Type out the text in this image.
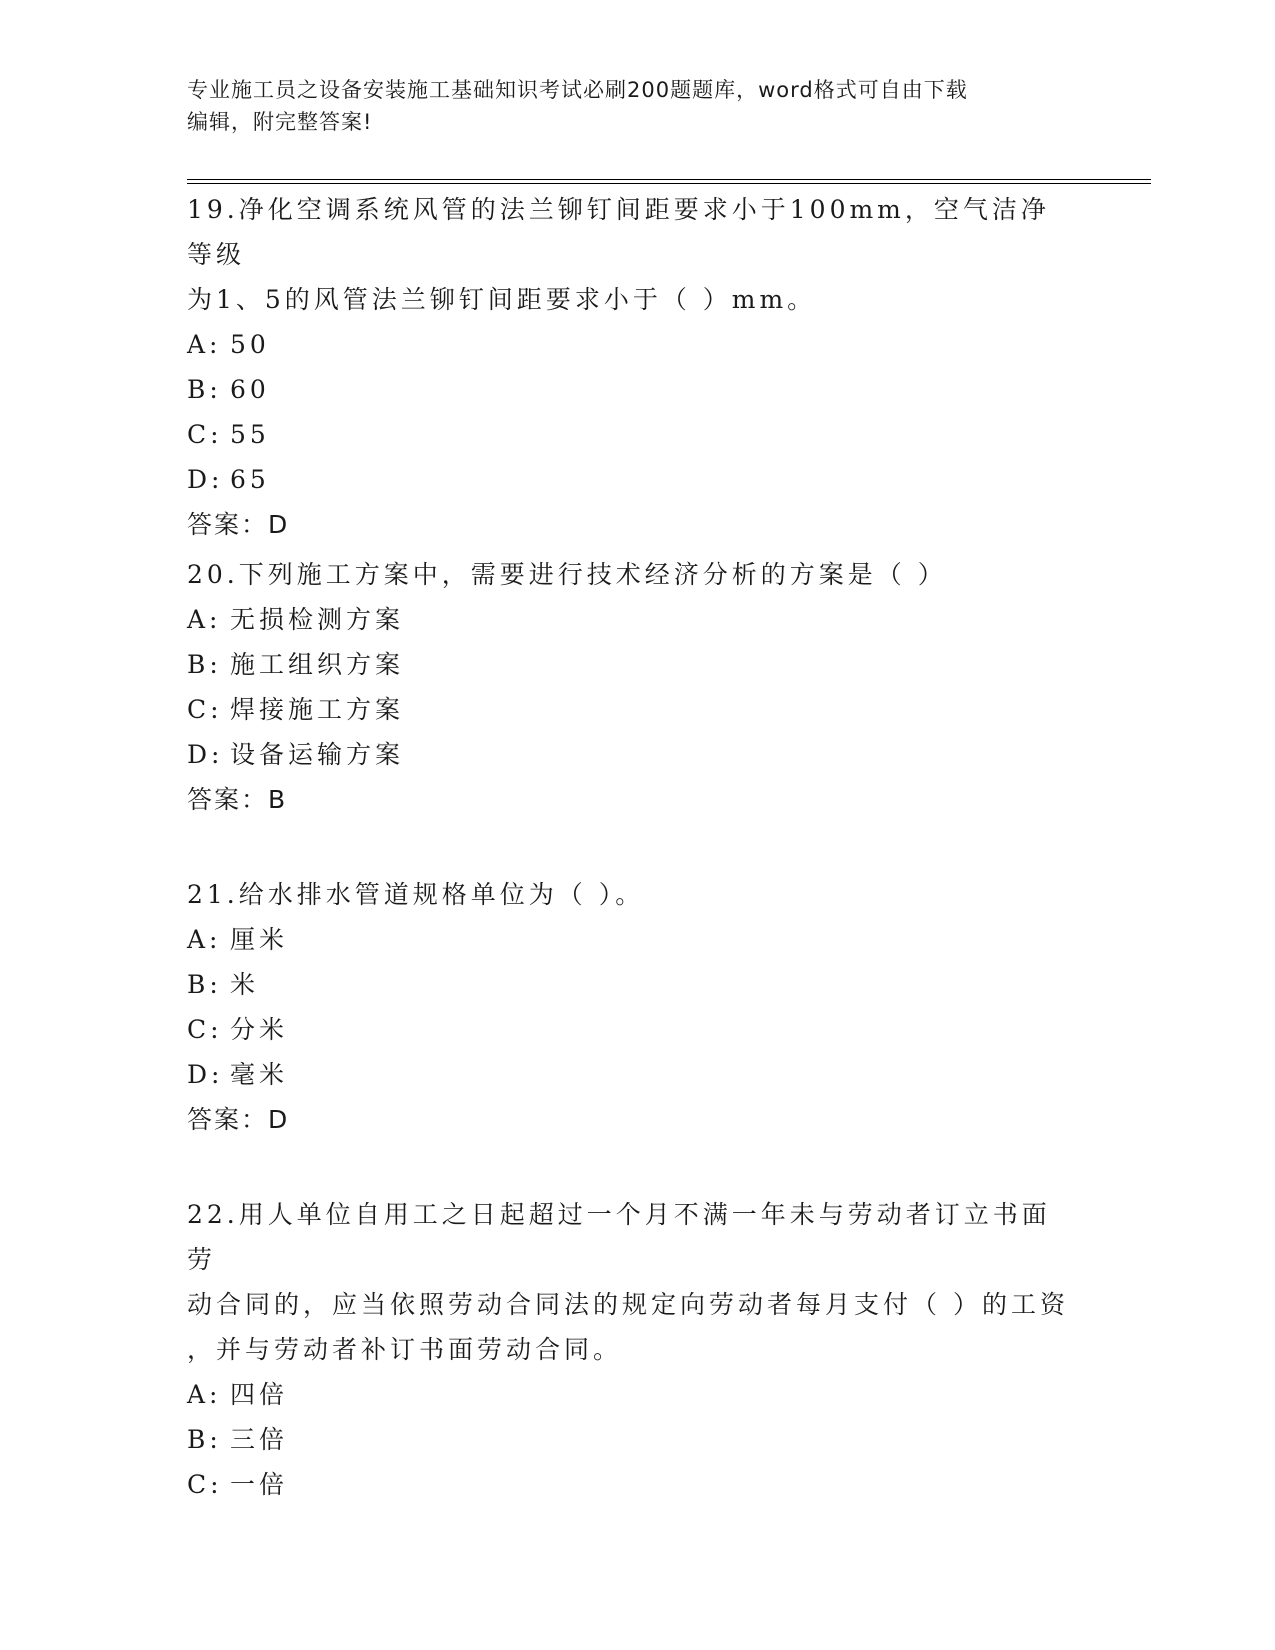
专业施工员之设备安装施工基础知识考试必刷200题题库，word格式可自由下载
编辑，附完整答案!
19.净化空调系统风管的法兰铆钉间距要求小于100mm，空气洁净等级
为1、5的风管法兰铆钉间距要求小于（ ）mm。
A: 50
B: 60
C: 55
D: 65
答案：D
20.下列施工方案中，需要进行技术经济分析的方案是（ ）
A: 无损检测方案
B: 施工组织方案
C: 焊接施工方案
D: 设备运输方案
答案：B
21.给水排水管道规格单位为（ ）。
A: 厘米
B: 米
C: 分米
D: 毫米
答案：D
22.用人单位自用工之日起超过一个月不满一年未与劳动者订立书面劳
动合同的，应当依照劳动合同法的规定向劳动者每月支付（ ）的工资
，并与劳动者补订书面劳动合同。
A: 四倍
B: 三倍
C: 一倍
